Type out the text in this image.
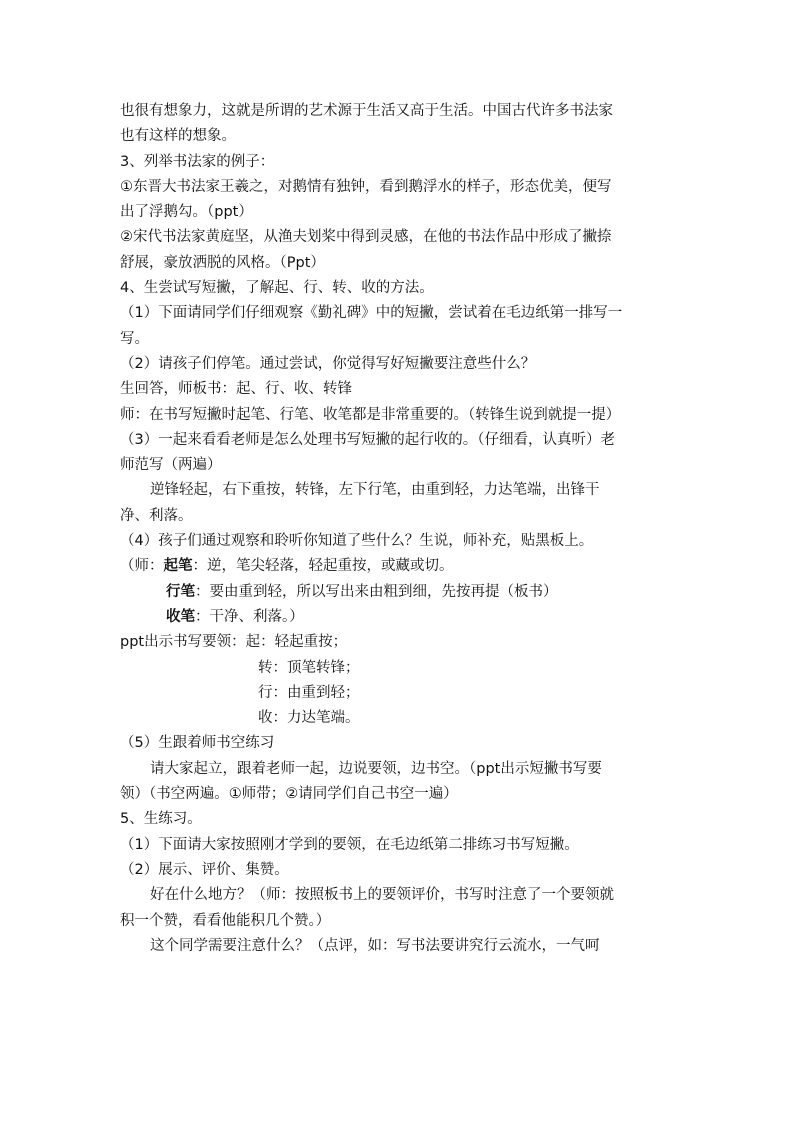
也很有想象力，这就是所谓的艺术源于生活又高于生活。中国古代许多书法家
也有这样的想象。
3、列举书法家的例子：
①东晋大书法家王羲之，对鹅情有独钟，看到鹅浮水的样子，形态优美，便写
出了浮鹅勾。（ppt）
②宋代书法家黄庭坚，从渔夫划桨中得到灵感，在他的书法作品中形成了撇捺
舒展，豪放洒脱的风格。（Ppt）
4、生尝试写短撇，了解起、行、转、收的方法。
（1）下面请同学们仔细观察《勤礼碑》中的短撇，尝试着在毛边纸第一排写一
写。
（2）请孩子们停笔。通过尝试，你觉得写好短撇要注意些什么？
生回答，师板书：起、行、收、转锋
师：在书写短撇时起笔、行笔、收笔都是非常重要的。（转锋生说到就提一提）
（3）一起来看看老师是怎么处理书写短撇的起行收的。（仔细看，认真听）老
师范写（两遍）
逆锋轻起，右下重按，转锋，左下行笔，由重到轻，力达笔端，出锋干
净、利落。
（4）孩子们通过观察和聆听你知道了些什么？生说，师补充，贴黑板上。
（师：起笔：逆，笔尖轻落，轻起重按，或藏或切。
行笔：要由重到轻，所以写出来由粗到细，先按再提（板书）
收笔：干净、利落。）
ppt出示书写要领：起：轻起重按；
转：顶笔转锋；
行：由重到轻；
收：力达笔端。
（5）生跟着师书空练习
请大家起立，跟着老师一起，边说要领，边书空。（ppt出示短撇书写要
领）（书空两遍。①师带；②请同学们自己书空一遍）
5、生练习。
（1）下面请大家按照刚才学到的要领，在毛边纸第二排练习书写短撇。
（2）展示、评价、集赞。
好在什么地方？（师：按照板书上的要领评价，书写时注意了一个要领就
积一个赞，看看他能积几个赞。）
这个同学需要注意什么？（点评，如：写书法要讲究行云流水，一气呵
